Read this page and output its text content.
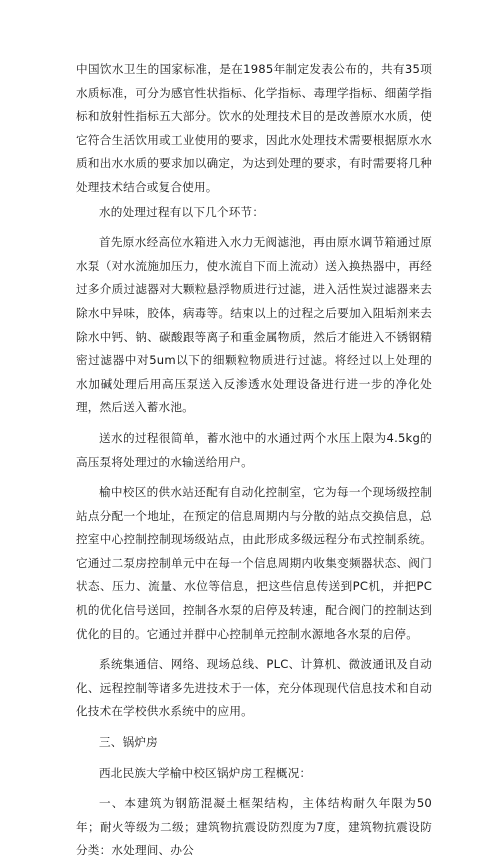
中国饮水卫生的国家标准，是在1985年制定发表公布的，共有35项水质标准，可分为感官性状指标、化学指标、毒理学指标、细菌学指标和放射性指标五大部分。饮水的处理技术目的是改善原水水质，使它符合生活饮用或工业使用的要求，因此水处理技术需要根据原水水质和出水水质的要求加以确定，为达到处理的要求，有时需要将几种处理技术结合或复合使用。

水的处理过程有以下几个环节：

首先原水经高位水箱进入水力无阀滤池，再由原水调节箱通过原水泵（对水流施加压力，使水流自下而上流动）送入换热器中，再经过多介质过滤器对大颗粒悬浮物质进行过滤，进入活性炭过滤器来去除水中异味，胶体，病毒等。结束以上的过程之后要加入阻垢剂来去除水中钙、钠、碳酸跟等离子和重金属物质，然后才能进入不锈钢精密过滤器中对5um以下的细颗粒物质进行过滤。将经过以上处理的水加碱处理后用高压泵送入反渗透水处理设备进行进一步的净化处理，然后送入蓄水池。

送水的过程很简单，蓄水池中的水通过两个水压上限为4.5kg的高压泵将处理过的水输送给用户。

榆中校区的供水站还配有自动化控制室，它为每一个现场级控制站点分配一个地址，在预定的信息周期内与分散的站点交换信息，总控室中心控制控制现场级站点，由此形成多级远程分布式控制系统。它通过二泵房控制单元中在每一个信息周期内收集变频器状态、阀门状态、压力、流量、水位等信息，把这些信息传送到PC机，并把PC机的优化信号送回，控制各水泵的启停及转速，配合阀门的控制达到优化的目的。它通过并群中心控制单元控制水源地各水泵的启停。

系统集通信、网络、现场总线、PLC、计算机、微波通讯及自动化、远程控制等诸多先进技术于一体，充分体现现代信息技术和自动化技术在学校供水系统中的应用。

三、锅炉房

西北民族大学榆中校区锅炉房工程概况：

一、本建筑为钢筋混凝土框架结构，主体结构耐久年限为50年；耐火等级为二级；建筑物抗震设防烈度为7度，建筑物抗震设防分类：水处理间、办公
